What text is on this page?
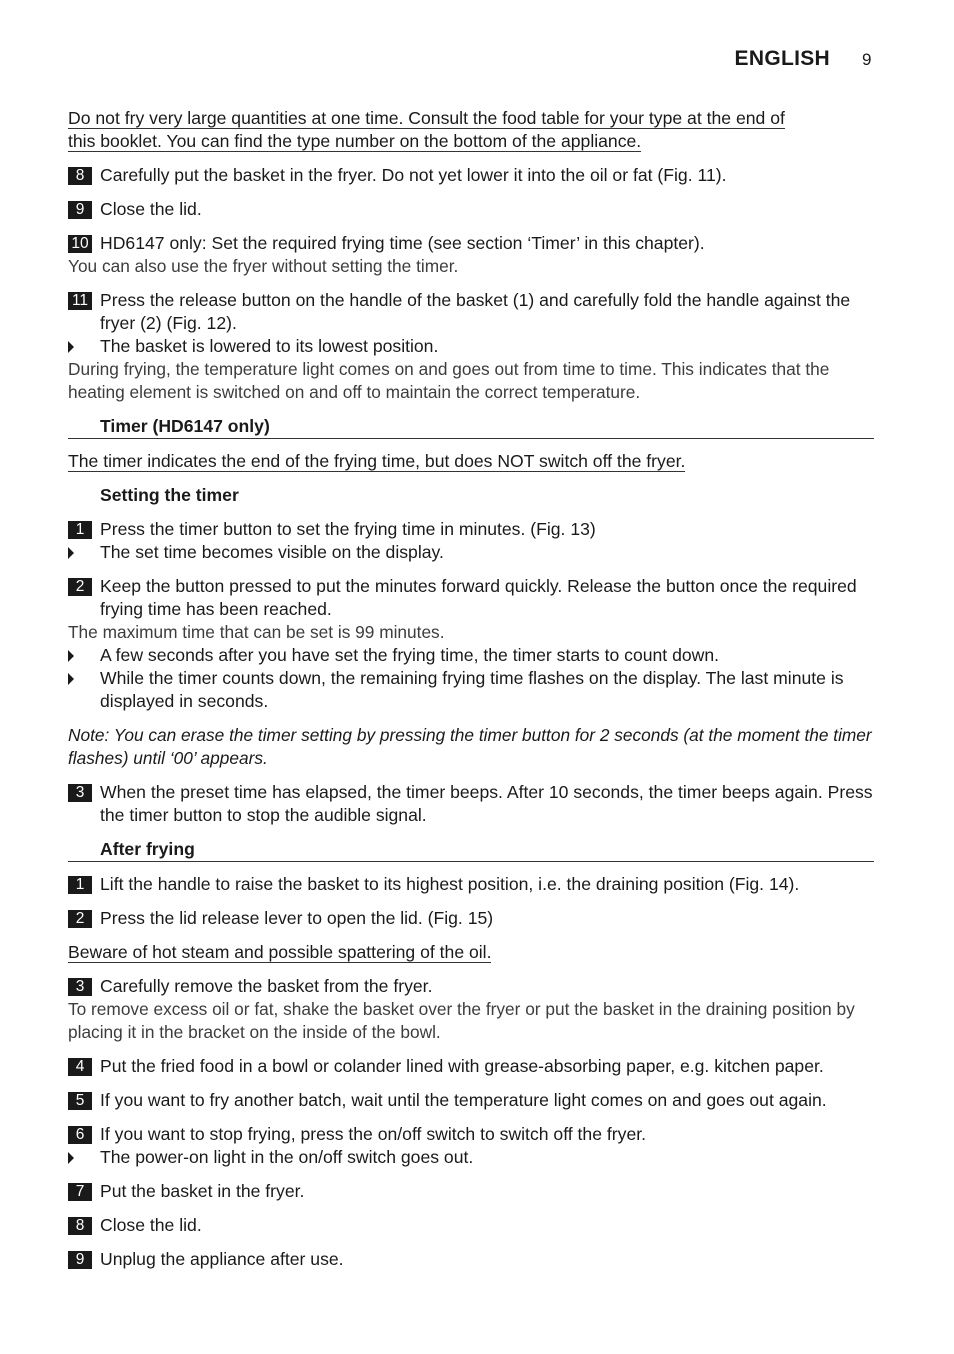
ENGLISH 9
Do not fry very large quantities at one time. Consult the food table for your type at the end of
this booklet. You can find the type number on the bottom of the appliance.
8 Carefully put the basket in the fryer. Do not yet lower it into the oil or fat (Fig. 11).
9 Close the lid.
10 HD6147 only: Set the required frying time (see section ‘Timer’ in this chapter).
You can also use the fryer without setting the timer.
11 Press the release button on the handle of the basket (1) and carefully fold the handle against the fryer (2) (Fig. 12).
The basket is lowered to its lowest position.
During frying, the temperature light comes on and goes out from time to time. This indicates that the heating element is switched on and off to maintain the correct temperature.
Timer (HD6147 only)
The timer indicates the end of the frying time, but does NOT switch off the fryer.
Setting the timer
1 Press the timer button to set the frying time in minutes. (Fig. 13)
The set time becomes visible on the display.
2 Keep the button pressed to put the minutes forward quickly. Release the button once the required frying time has been reached.
The maximum time that can be set is 99 minutes.
A few seconds after you have set the frying time, the timer starts to count down.
While the timer counts down, the remaining frying time flashes on the display. The last minute is displayed in seconds.
Note: You can erase the timer setting by pressing the timer button for 2 seconds (at the moment the timer flashes) until ‘00’ appears.
3 When the preset time has elapsed, the timer beeps. After 10 seconds, the timer beeps again. Press the timer button to stop the audible signal.
After frying
1 Lift the handle to raise the basket to its highest position, i.e. the draining position (Fig. 14).
2 Press the lid release lever to open the lid. (Fig. 15)
Beware of hot steam and possible spattering of the oil.
3 Carefully remove the basket from the fryer.
To remove excess oil or fat, shake the basket over the fryer or put the basket in the draining position by placing it in the bracket on the inside of the bowl.
4 Put the fried food in a bowl or colander lined with grease-absorbing paper, e.g. kitchen paper.
5 If you want to fry another batch, wait until the temperature light comes on and goes out again.
6 If you want to stop frying, press the on/off switch to switch off the fryer.
The power-on light in the on/off switch goes out.
7 Put the basket in the fryer.
8 Close the lid.
9 Unplug the appliance after use.
